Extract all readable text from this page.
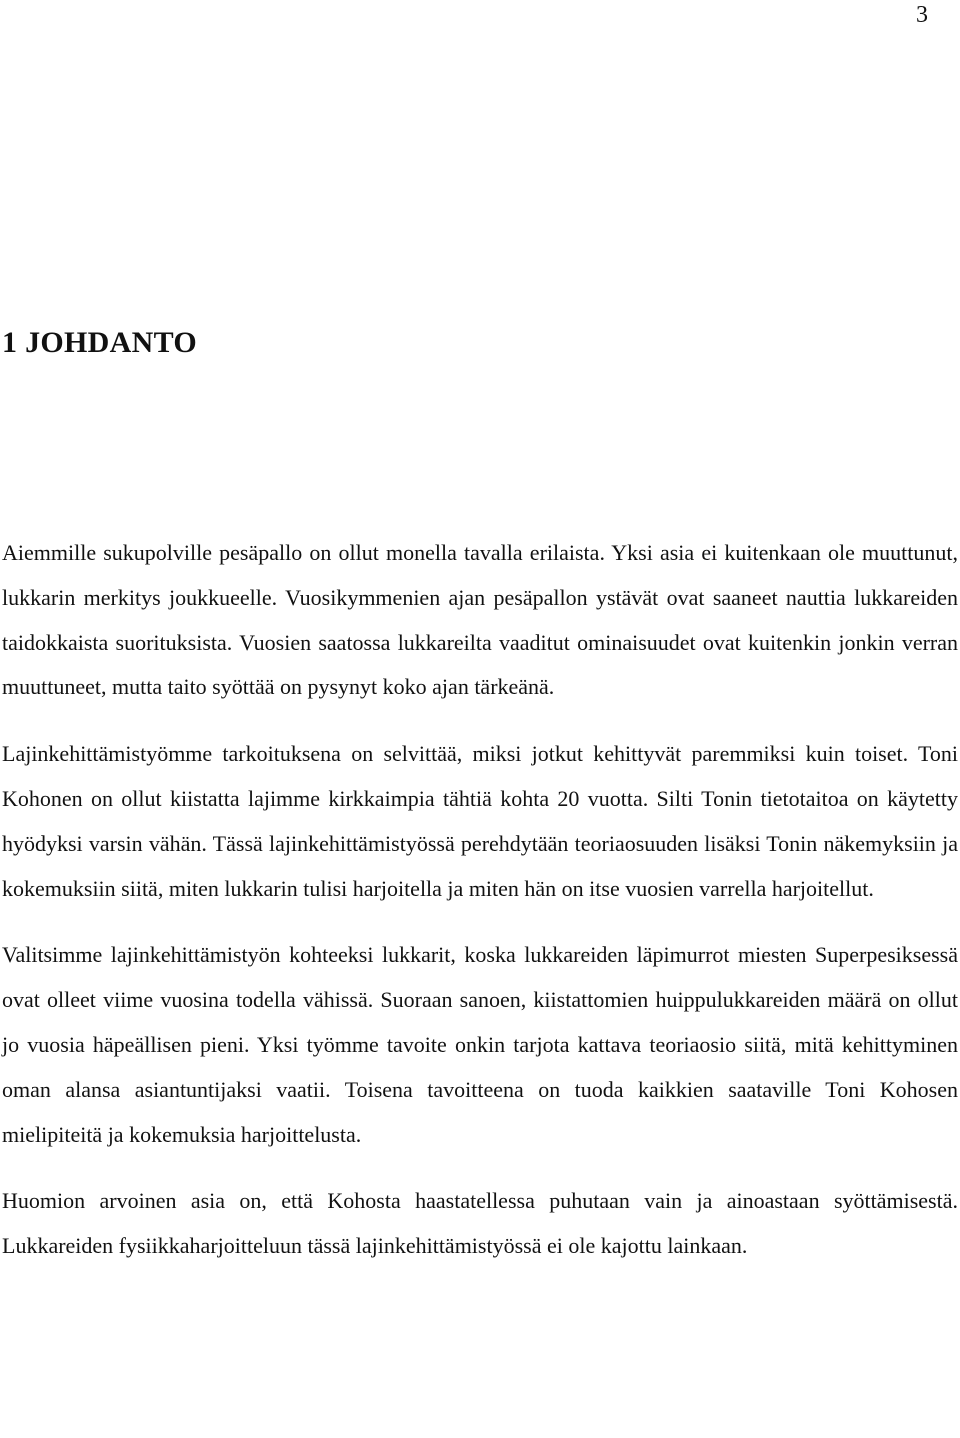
3
1 JOHDANTO

Aiemmille sukupolville pesäpallo on ollut monella tavalla erilaista. Yksi asia ei kuitenkaan ole muuttunut, lukkarin merkitys joukkueelle. Vuosikymmenien ajan pesäpallon ystävät ovat saaneet nauttia lukkareiden taidokkaista suorituksista. Vuosien saatossa lukkareilta vaaditut ominaisuudet ovat kuitenkin jonkin verran muuttuneet, mutta taito syöttää on pysynyt koko ajan tärkeänä.

Lajinkehittämistyömme tarkoituksena on selvittää, miksi jotkut kehittyvät paremmiksi kuin toiset. Toni Kohonen on ollut kiistatta lajimme kirkkaimpia tähtiä kohta 20 vuotta. Silti Tonin tietotaitoa on käytetty hyödyksi varsin vähän. Tässä lajinkehittämistyössä perehdytään teoriaosuuden lisäksi Tonin näkemyksiin ja kokemuksiin siitä, miten lukkarin tulisi harjoitella ja miten hän on itse vuosien varrella harjoitellut.

Valitsimme lajinkehittämistyön kohteeksi lukkarit, koska lukkareiden läpimurrot miesten Superpesiksessä ovat olleet viime vuosina todella vähissä. Suoraan sanoen, kiistattomien huippulukkareiden määrä on ollut jo vuosia häpeällisen pieni. Yksi työmme tavoite onkin tarjota kattava teoriaosio siitä, mitä kehittyminen oman alansa asiantuntijaksi vaatii. Toisena tavoitteena on tuoda kaikkien saataville Toni Kohosen mielipiteitä ja kokemuksia harjoittelusta.

Huomion arvoinen asia on, että Kohosta haastatellessa puhutaan vain ja ainoastaan syöttämisestä. Lukkareiden fysiikkaharjoitteluun tässä lajinkehittämistyössä ei ole kajottu lainkaan.
